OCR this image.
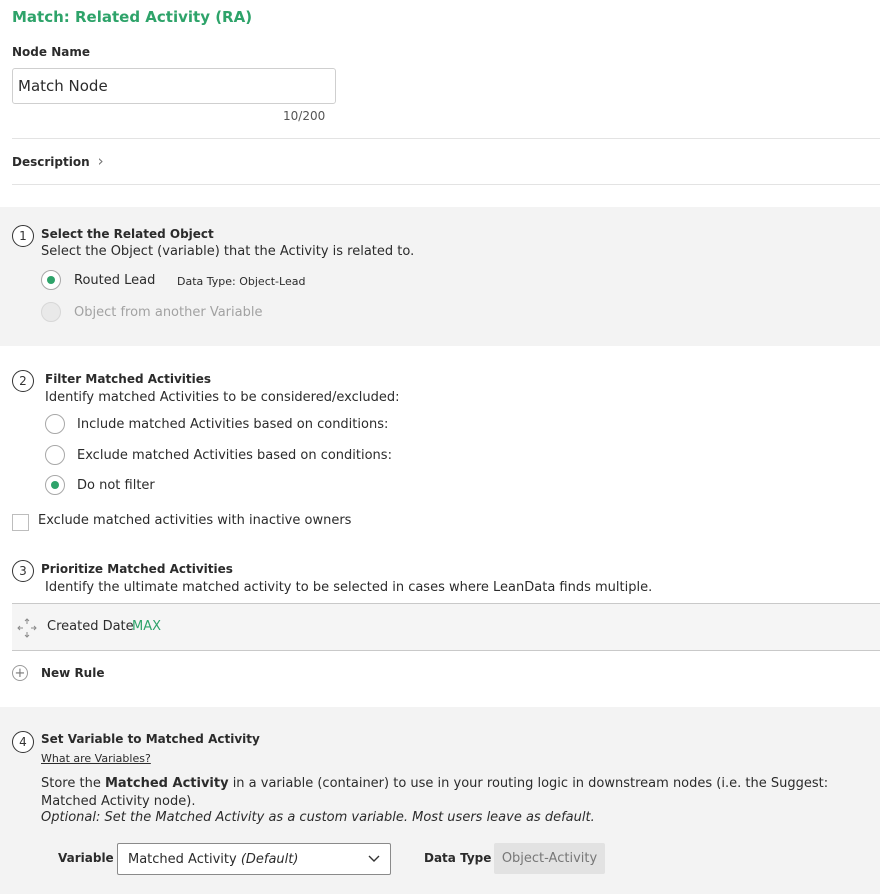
Match: Related Activity (RA)
Node Name
Match Node
10/200
Description ›
1	Select the Related Object
Select the Object (variable) that the Activity is related to.
Routed Lead Data Type: Object-Lead
Object from another Variable
2	Filter Matched Activities
Identify matched Activities to be considered/excluded:
Include matched Activities based on conditions:
Exclude matched Activities based on conditions:
Do not filter
Exclude matched activities with inactive owners
3	Prioritize Matched Activities
Identify the ultimate matched activity to be selected in cases where LeanData finds multiple.
Created Date
MAX
+ New Rule
4	Set Variable to Matched Activity
What are Variables?
Store the Matched Activity in a variable (container) to use in your routing logic in downstream nodes (i.e. the Suggest: Matched Activity node).
Optional: Set the Matched Activity as a custom variable. Most users leave as default.
Variable Matched Activity (Default)	Data Type Object-Activity
